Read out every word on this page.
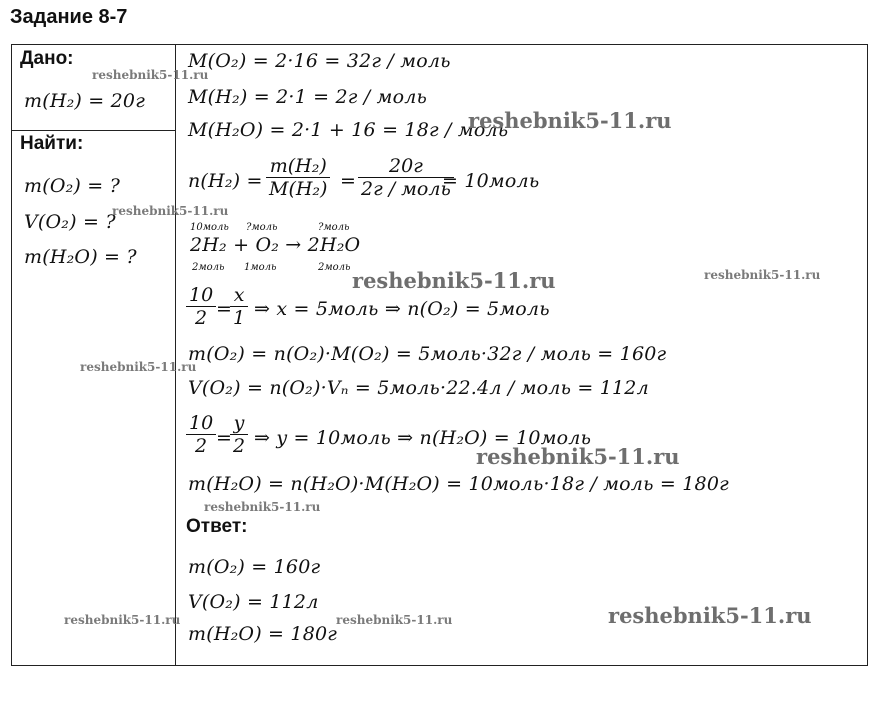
Задание 8-7
Дано:
m(H₂) = 20г
Найти:
m(O₂) = ?
V(O₂) = ?
m(H₂O) = ?
M(O₂) = 2·16 = 32г / моль
M(H₂) = 2·1 = 2г / моль
M(H₂O) = 2·1 + 16 = 18г / моль
$n(H_2) = \frac{\text{m(H₂)}}{\text{M(H₂)}}$ =
20г
2г / моль
= 10моль
10моль ?моль	?моль
2H₂ + O₂ → 2H₂O
2моль 1моль	2моль
$\frac{10}{2}$ =
$\frac{x}{1}$ ⇒ x = 5моль ⇒ n(O₂) = 5моль
m(O₂) = n(O₂)·M(O₂) = 5моль·32г / моль = 160г
V(O₂) = n(O₂)·Vₙ = 5моль·22.4л / моль = 112л
$\frac{10}{2}$ =
$\frac{y}{2}$ ⇒ y = 10моль ⇒ n(H₂O) = 10моль
m(H₂O) = n(H₂O)·M(H₂O) = 10моль·18г / моль = 180г
Ответ:
m(O₂) = 160г
V(O₂) = 112л
m(H₂O) = 180г
reshebnik5-11.ru
reshebnik5-11.ru
reshebnik5-11.ru
reshebnik5-11.ru
reshebnik5-11.ru
reshebnik5-11.ru	reshebnik5-11.ru
reshebnik5-11.ru
reshebnik5-11.ru
reshebnik5-11.ru
reshebnik5-11.ru
